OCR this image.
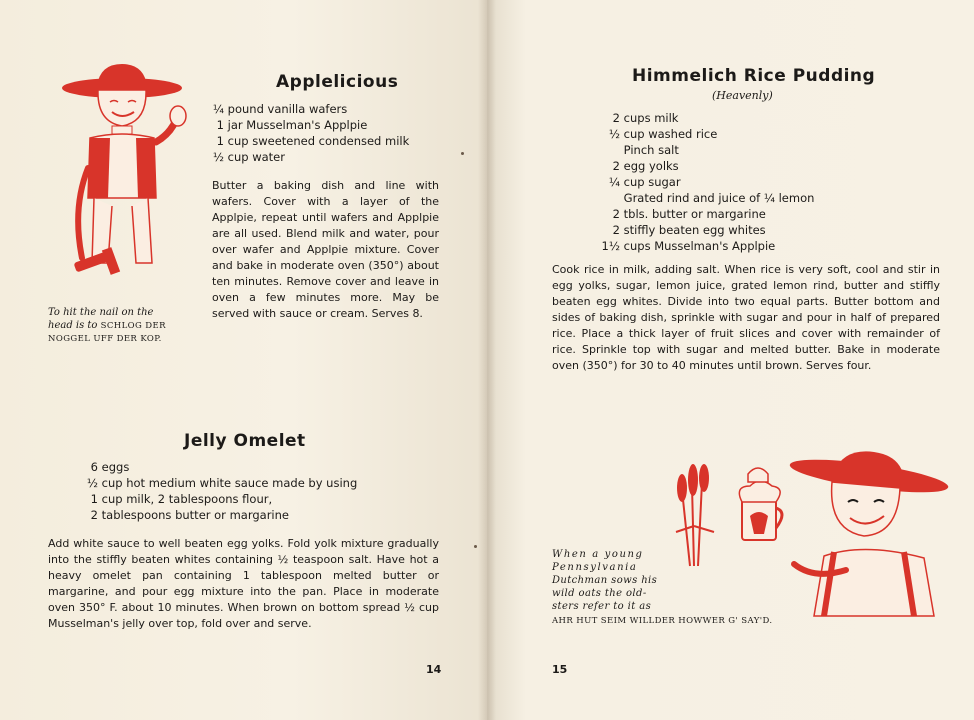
Applelicious
¼ pound vanilla wafers
1 jar Musselman's Applpie
1 cup sweetened condensed milk
½ cup water
Butter a baking dish and line with wafers. Cover with a layer of the Applpie, repeat until wafers and Applpie are all used. Blend milk and water, pour over wafer and Applpie mixture. Cover and bake in moderate oven (350°) about ten minutes. Remove cover and leave in oven a few minutes more. May be served with sauce or cream. Serves 8.
To hit the nail on the
head is to SCHLOG DER
NOGGEL UFF DER KOP.
Jelly Omelet
6 eggs
½ cup hot medium white sauce made by using
1 cup milk, 2 tablespoons flour,
2 tablespoons butter or margarine
Add white sauce to well beaten egg yolks. Fold yolk mixture gradually into the stiffly beaten whites containing ½ teaspoon salt. Have hot a heavy omelet pan containing 1 tablespoon melted butter or margarine, and pour egg mixture into the pan. Place in moderate oven 350° F. about 10 minutes. When brown on bottom spread ½ cup Musselman's jelly over top, fold over and serve.
14
Himmelich Rice Pudding
(Heavenly)
2 cups milk
½ cup washed rice
Pinch salt
2 egg yolks
¼ cup sugar
Grated rind and juice of ¼ lemon
2 tbls. butter or margarine
2 stiffly beaten egg whites
1½ cups Musselman's Applpie
Cook rice in milk, adding salt. When rice is very soft, cool and stir in egg yolks, sugar, lemon juice, grated lemon rind, butter and stiffly beaten egg whites. Divide into two equal parts. Butter bottom and sides of baking dish, sprinkle with sugar and pour in half of prepared rice. Place a thick layer of fruit slices and cover with remainder of rice. Sprinkle top with sugar and melted butter. Bake in moderate oven (350°) for 30 to 40 minutes until brown. Serves four.
When a young
Pennsylvania
Dutchman sows his
wild oats the old-
sters refer to it as
AHR HUT SEIM WILLDER HOWWER G' SAY'D.
15
